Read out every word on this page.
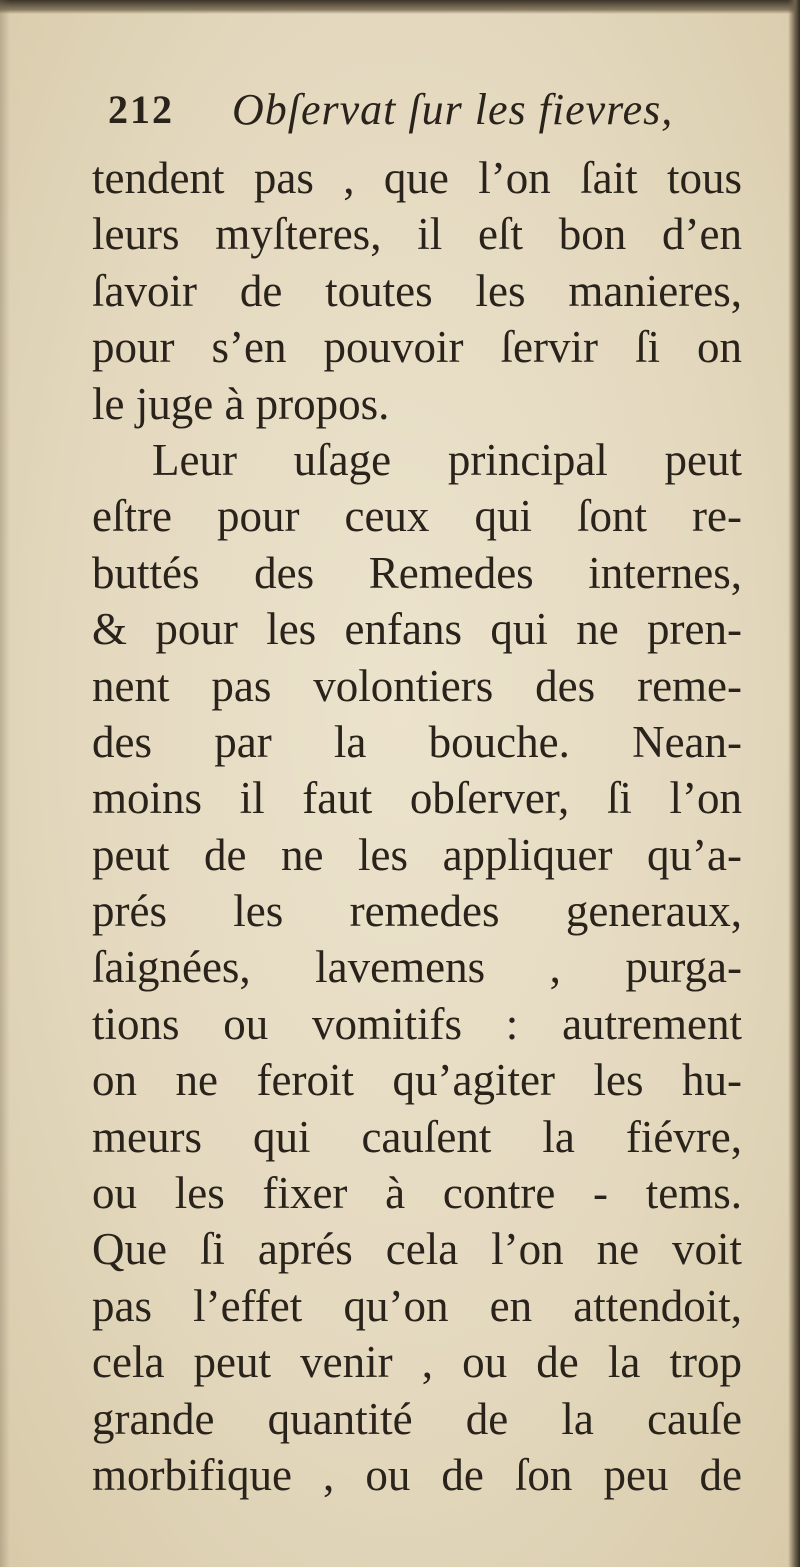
212 Obſervat ſur les fievres,
tendent pas , que l’on ſait tous
leurs myſteres, il eſt bon d’en
ſavoir de toutes les manieres,
pour s’en pouvoir ſervir ſi on
le juge à propos.
Leur uſage principal peut
eſtre pour ceux qui ſont re-
buttés des Remedes internes,
& pour les enfans qui ne pren-
nent pas volontiers des reme-
des par la bouche. Nean-
moins il faut obſerver, ſi l’on
peut de ne les appliquer qu’a-
prés les remedes generaux,
ſaignées, lavemens , purga-
tions ou vomitifs : autrement
on ne feroit qu’agiter les hu-
meurs qui cauſent la fiévre,
ou les fixer à contre - tems.
Que ſi aprés cela l’on ne voit
pas l’effet qu’on en attendoit,
cela peut venir , ou de la trop
grande quantité de la cauſe
morbifique , ou de ſon peu de
